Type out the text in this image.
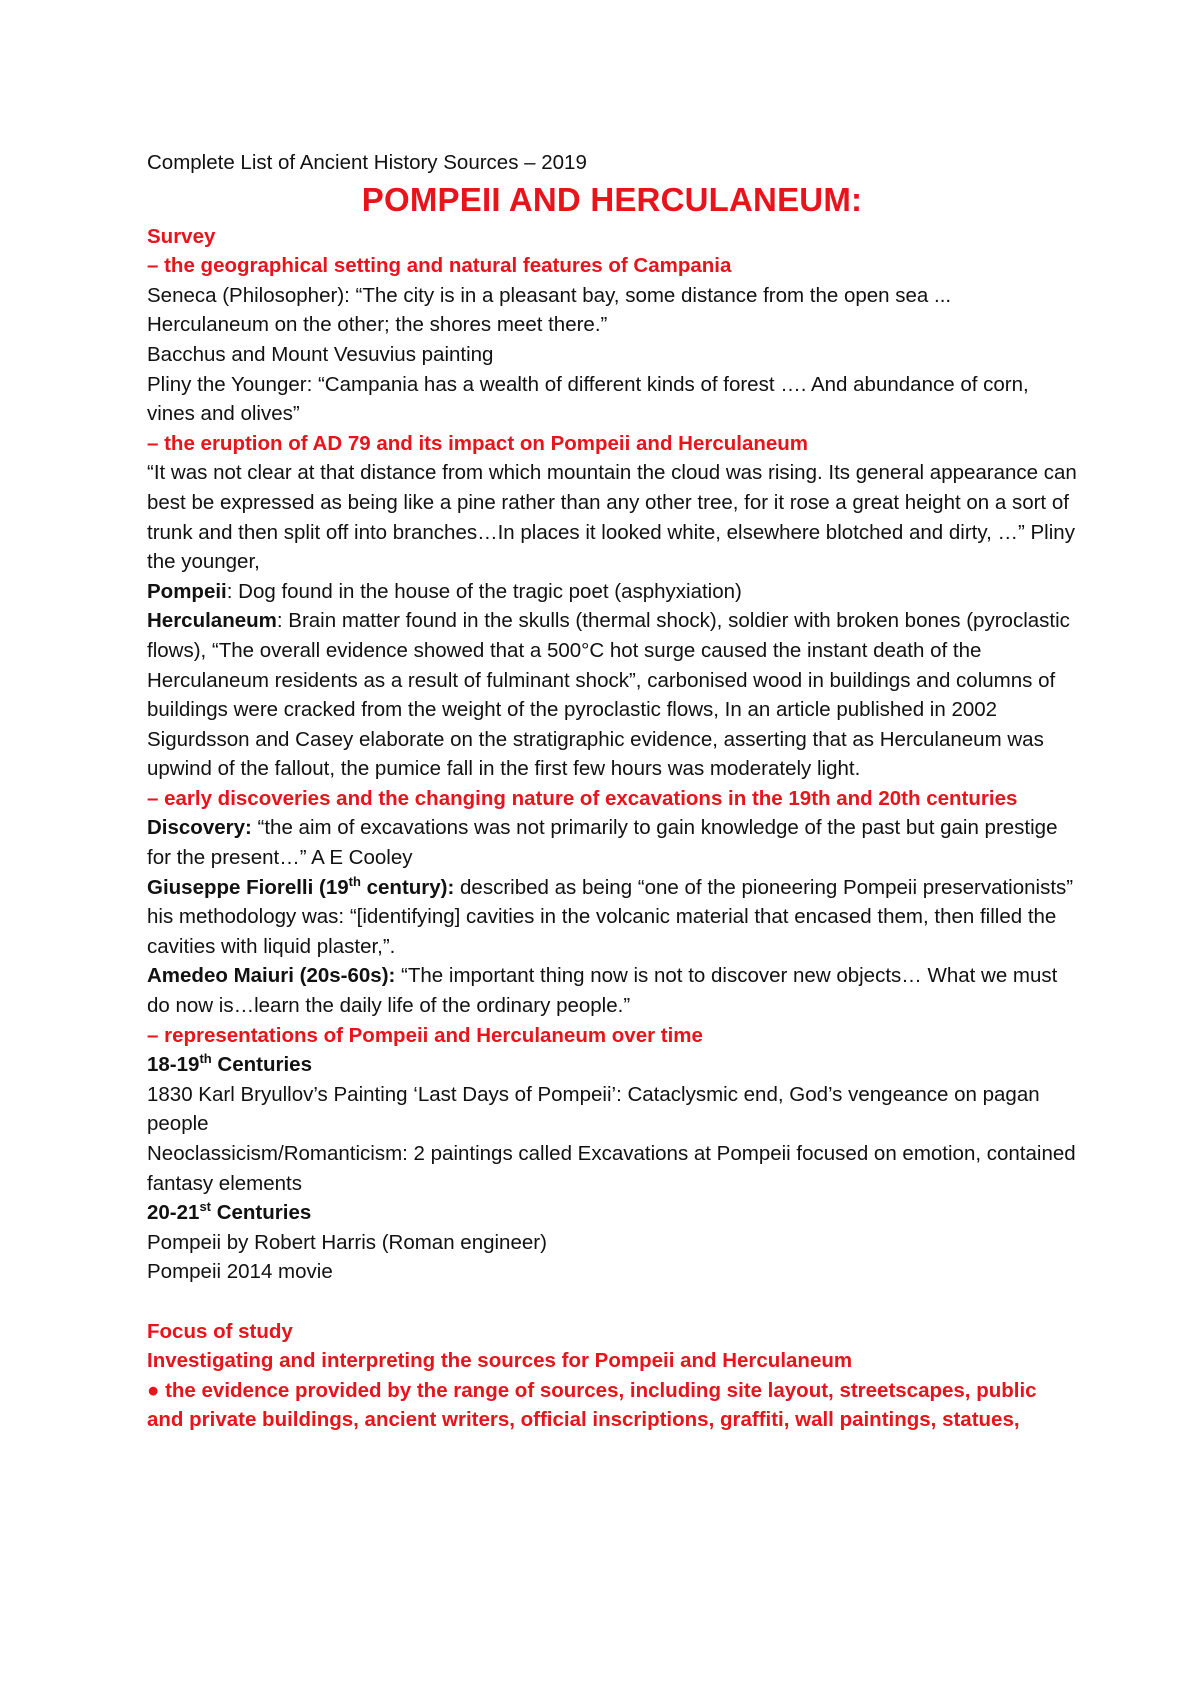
Complete List of Ancient History Sources – 2019

POMPEII AND HERCULANEUM:

Survey

– the geographical setting and natural features of Campania

Seneca (Philosopher): “The city is in a pleasant bay, some distance from the open sea ... Herculaneum on the other; the shores meet there.”

Bacchus and Mount Vesuvius painting

Pliny the Younger: “Campania has a wealth of different kinds of forest …. And abundance of corn, vines and olives”

– the eruption of AD 79 and its impact on Pompeii and Herculaneum

“It was not clear at that distance from which mountain the cloud was rising. Its general appearance can best be expressed as being like a pine rather than any other tree, for it rose a great height on a sort of trunk and then split off into branches…In places it looked white, elsewhere blotched and dirty, …” Pliny the younger,

Pompeii: Dog found in the house of the tragic poet (asphyxiation)

Herculaneum: Brain matter found in the skulls (thermal shock), soldier with broken bones (pyroclastic flows), “The overall evidence showed that a 500°C hot surge caused the instant death of the Herculaneum residents as a result of fulminant shock”, carbonised wood in buildings and columns of buildings were cracked from the weight of the pyroclastic flows, In an article published in 2002 Sigurdsson and Casey elaborate on the stratigraphic evidence, asserting that as Herculaneum was upwind of the fallout, the pumice fall in the first few hours was moderately light.

– early discoveries and the changing nature of excavations in the 19th and 20th centuries

Discovery: “the aim of excavations was not primarily to gain knowledge of the past but gain prestige for the present…” A E Cooley

Giuseppe Fiorelli (19th century): described as being “one of the pioneering Pompeii preservationists”

his methodology was: “[identifying] cavities in the volcanic material that encased them, then filled the cavities with liquid plaster,”.

Amedeo Maiuri (20s-60s): “The important thing now is not to discover new objects… What we must do now is…learn the daily life of the ordinary people.”

– representations of Pompeii and Herculaneum over time

18-19th Centuries

1830 Karl Bryullov’s Painting ‘Last Days of Pompeii’: Cataclysmic end, God’s vengeance on pagan people

Neoclassicism/Romanticism: 2 paintings called Excavations at Pompeii focused on emotion, contained fantasy elements

20-21st Centuries

Pompeii by Robert Harris (Roman engineer)

Pompeii 2014 movie

Focus of study

Investigating and interpreting the sources for Pompeii and Herculaneum

● the evidence provided by the range of sources, including site layout, streetscapes, public and private buildings, ancient writers, official inscriptions, graffiti, wall paintings, statues,
